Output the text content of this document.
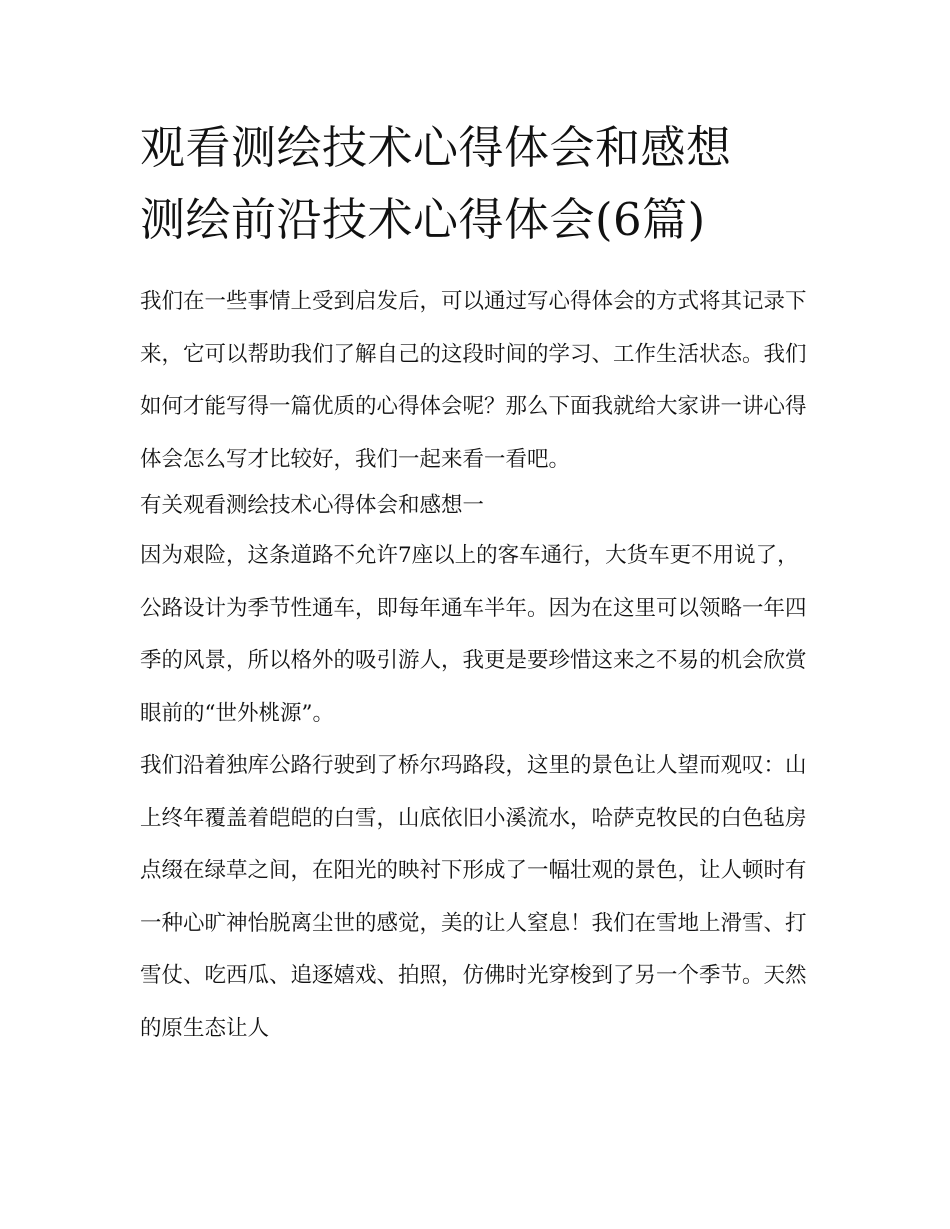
观看测绘技术心得体会和感想
测绘前沿技术心得体会(6篇)

我们在一些事情上受到启发后，可以通过写心得体会的方式将其记录下来，它可以帮助我们了解自己的这段时间的学习、工作生活状态。我们如何才能写得一篇优质的心得体会呢？那么下面我就给大家讲一讲心得体会怎么写才比较好，我们一起来看一看吧。

有关观看测绘技术心得体会和感想一

因为艰险，这条道路不允许7座以上的客车通行，大货车更不用说了，公路设计为季节性通车，即每年通车半年。因为在这里可以领略一年四季的风景，所以格外的吸引游人，我更是要珍惜这来之不易的机会欣赏眼前的“世外桃源”。

我们沿着独库公路行驶到了桥尔玛路段，这里的景色让人望而观叹：山上终年覆盖着皑皑的白雪，山底依旧小溪流水，哈萨克牧民的白色毡房点缀在绿草之间，在阳光的映衬下形成了一幅壮观的景色，让人顿时有一种心旷神怡脱离尘世的感觉，美的让人窒息！我们在雪地上滑雪、打雪仗、吃西瓜、追逐嬉戏、拍照，仿佛时光穿梭到了另一个季节。天然的原生态让人
